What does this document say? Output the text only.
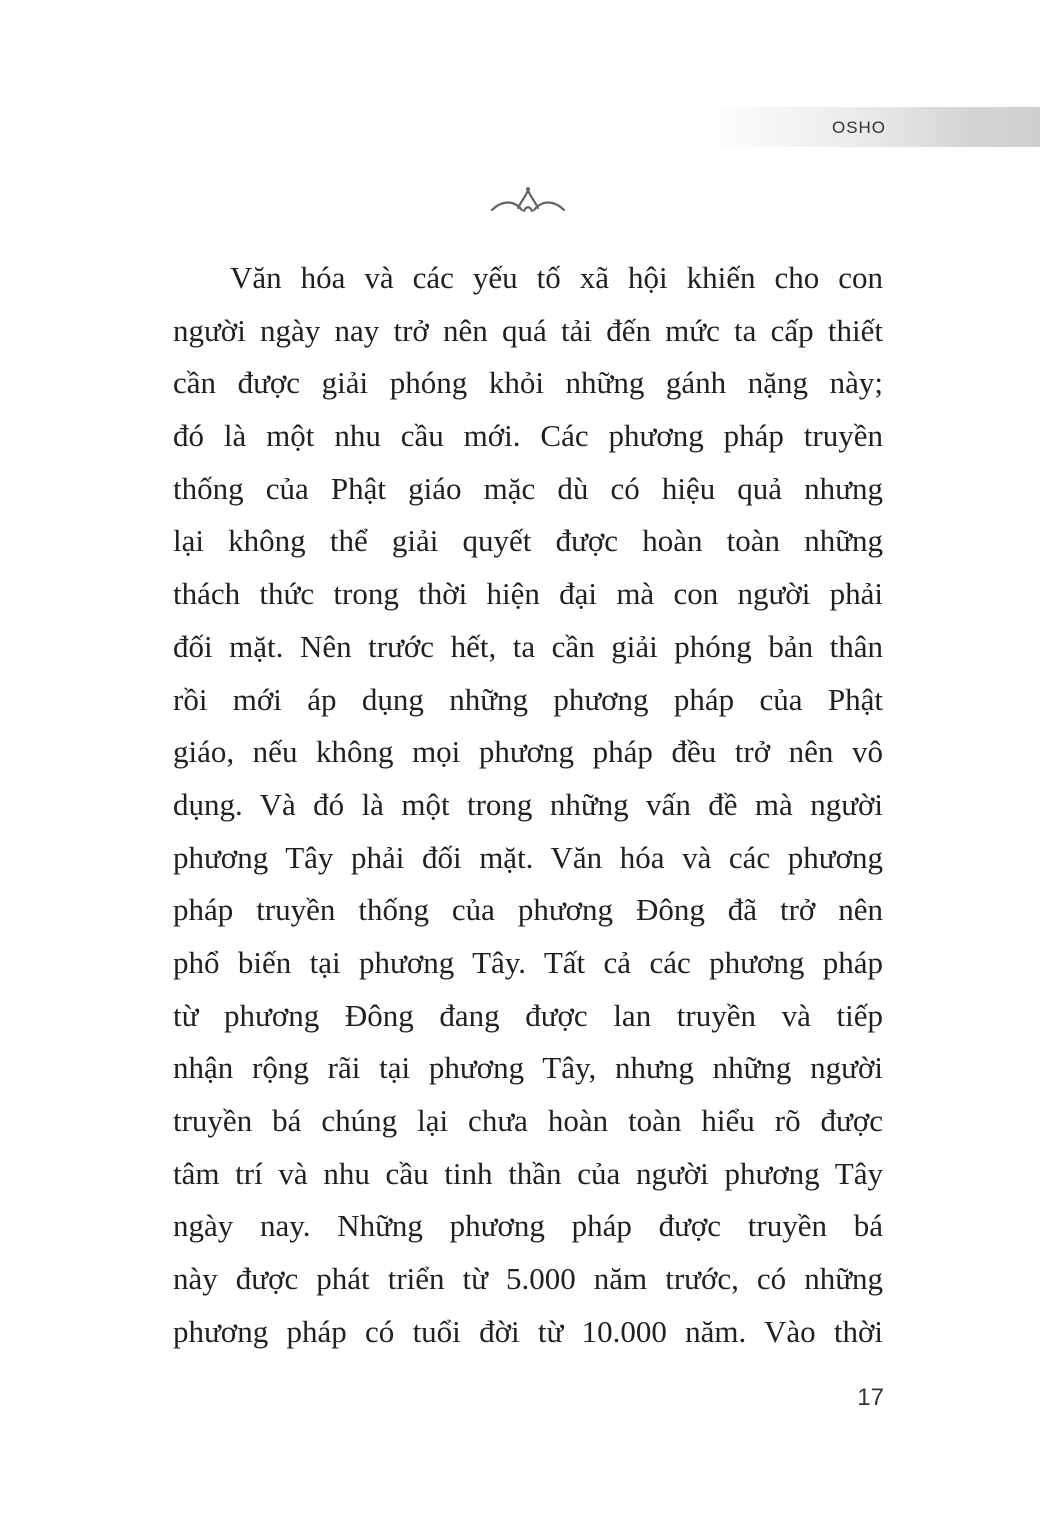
OSHO
Văn hóa và các yếu tố xã hội khiến cho con
người ngày nay trở nên quá tải đến mức ta cấp thiết
cần được giải phóng khỏi những gánh nặng này;
đó là một nhu cầu mới. Các phương pháp truyền
thống của Phật giáo mặc dù có hiệu quả nhưng
lại không thể giải quyết được hoàn toàn những
thách thức trong thời hiện đại mà con người phải
đối mặt. Nên trước hết, ta cần giải phóng bản thân
rồi mới áp dụng những phương pháp của Phật
giáo, nếu không mọi phương pháp đều trở nên vô
dụng. Và đó là một trong những vấn đề mà người
phương Tây phải đối mặt. Văn hóa và các phương
pháp truyền thống của phương Đông đã trở nên
phổ biến tại phương Tây. Tất cả các phương pháp
từ phương Đông đang được lan truyền và tiếp
nhận rộng rãi tại phương Tây, nhưng những người
truyền bá chúng lại chưa hoàn toàn hiểu rõ được
tâm trí và nhu cầu tinh thần của người phương Tây
ngày nay. Những phương pháp được truyền bá
này được phát triển từ 5.000 năm trước, có những
phương pháp có tuổi đời từ 10.000 năm. Vào thời
17
